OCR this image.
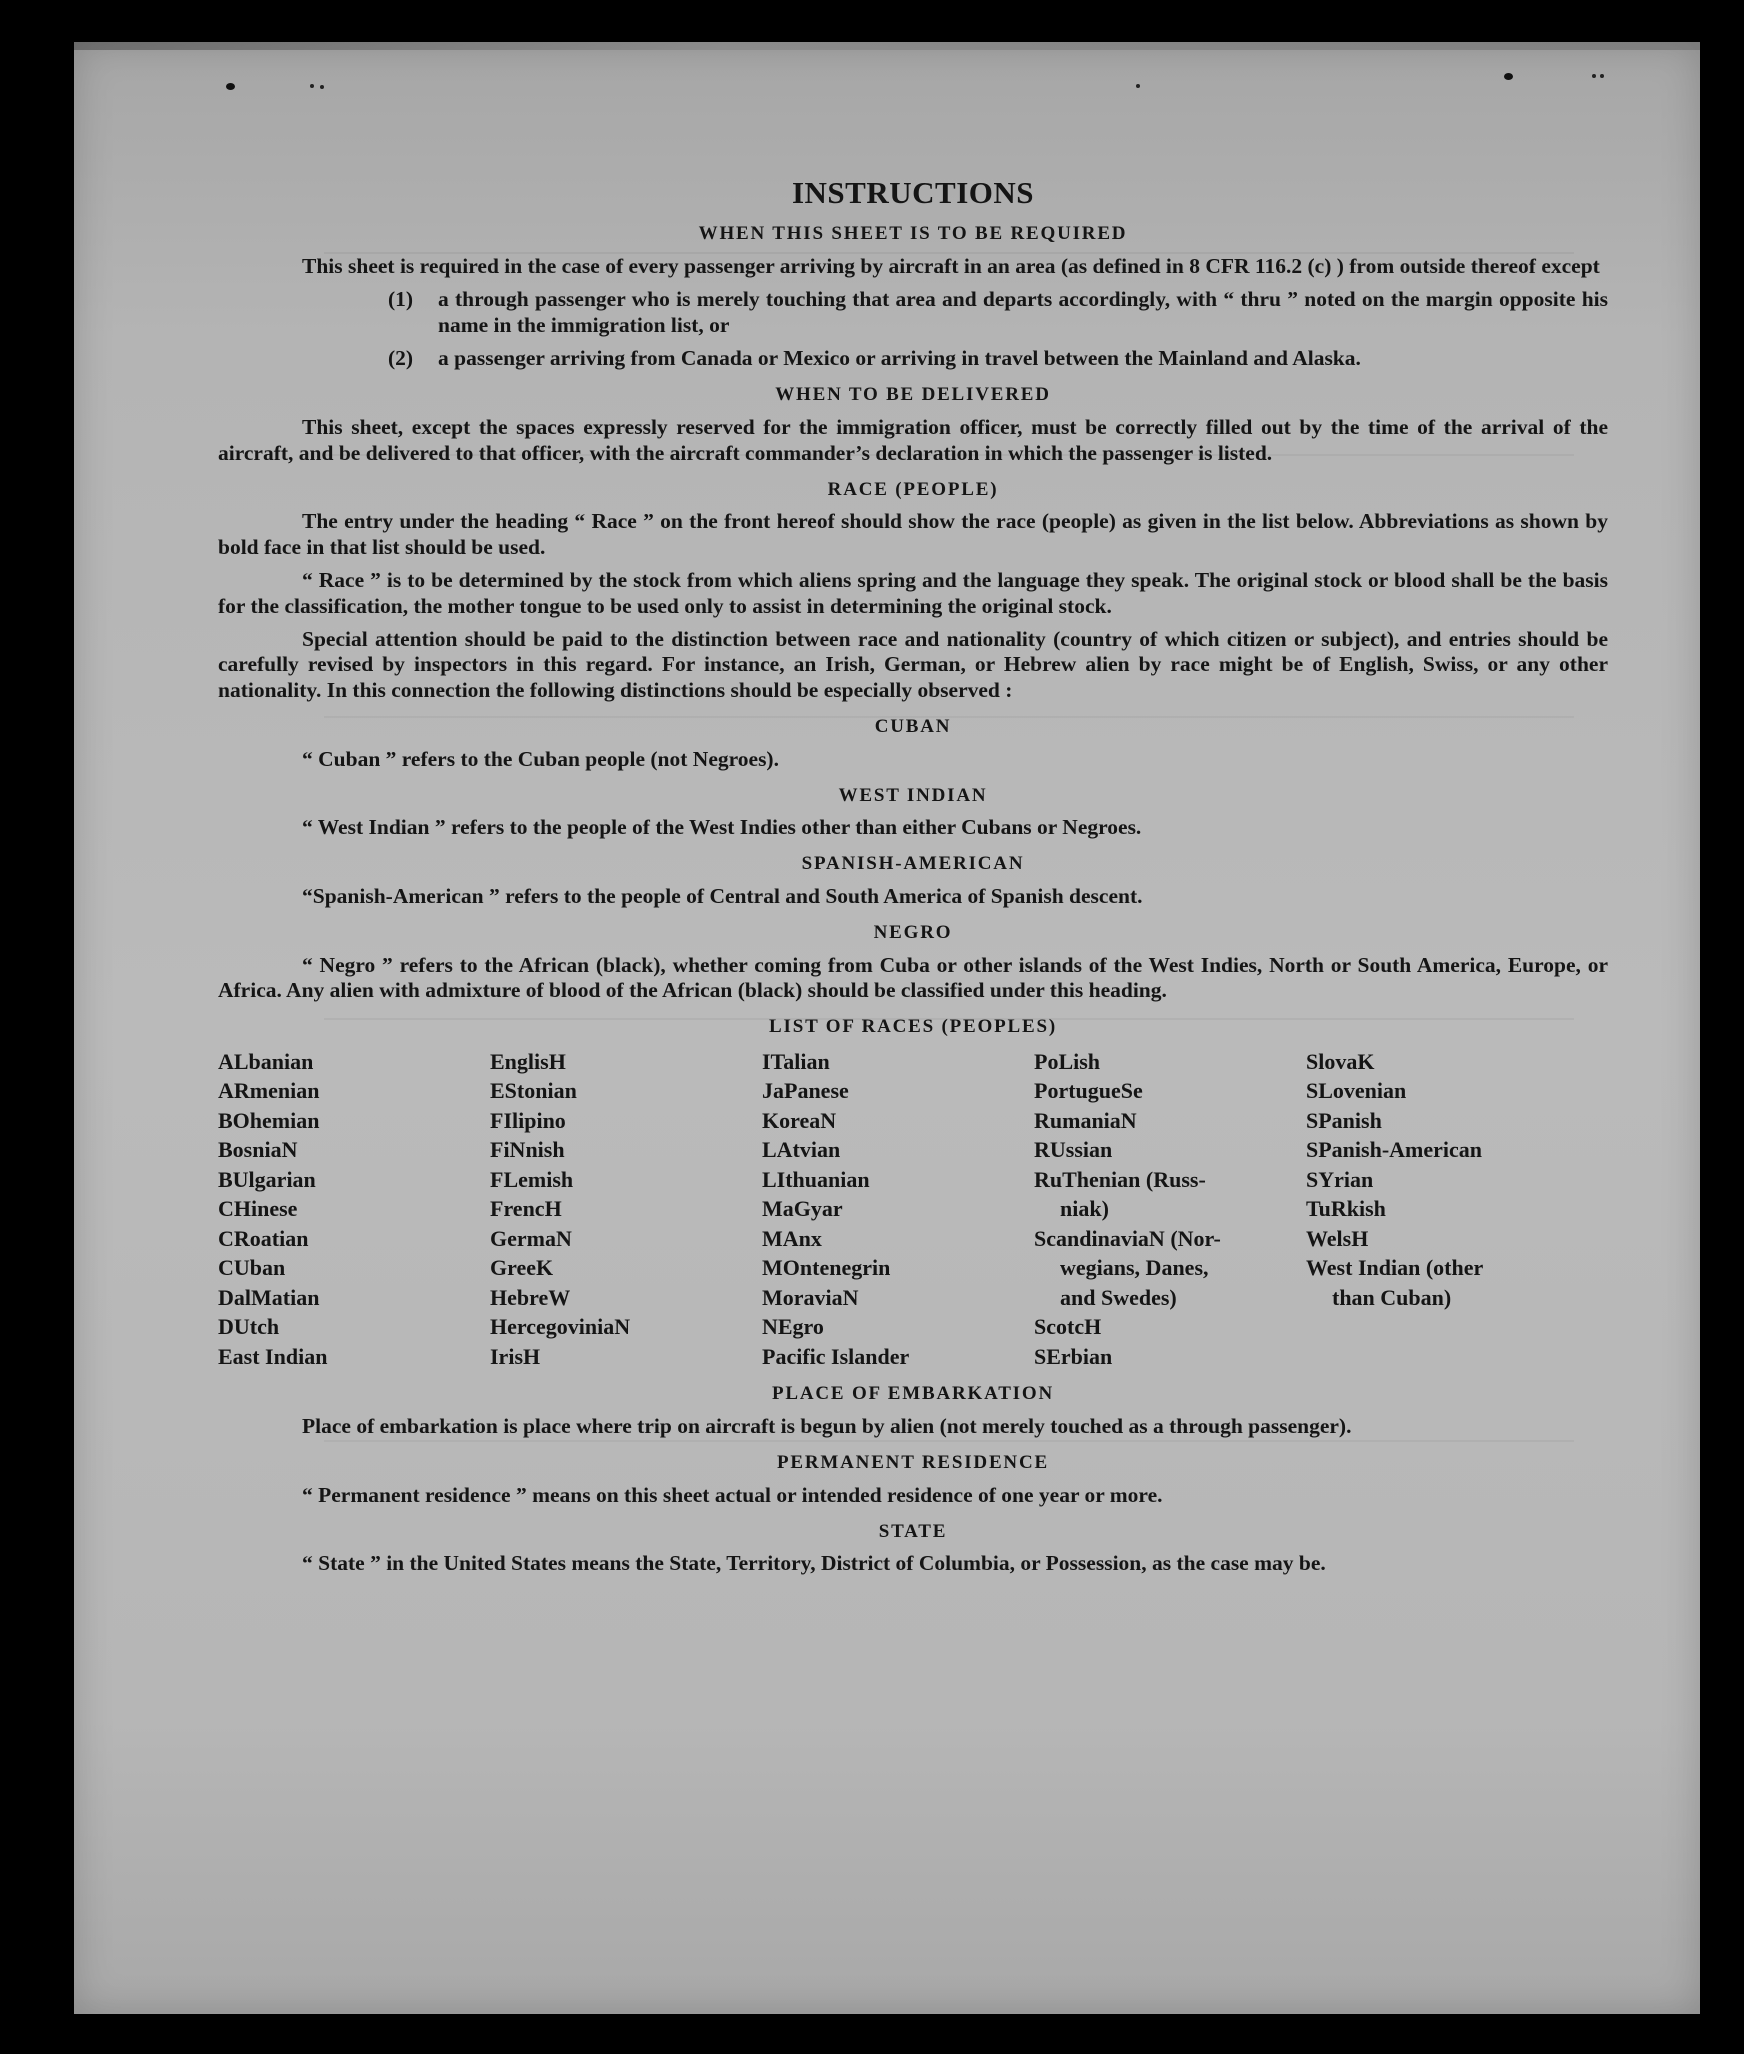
INSTRUCTIONS
WHEN THIS SHEET IS TO BE REQUIRED
This sheet is required in the case of every passenger arriving by aircraft in an area (as defined in 8 CFR 116.2 (c) ) from outside thereof except
(1)	a through passenger who is merely touching that area and departs accordingly, with “ thru ” noted on the margin opposite his name in the immigration list, or
(2)	a passenger arriving from Canada or Mexico or arriving in travel between the Mainland and Alaska.
WHEN TO BE DELIVERED
This sheet, except the spaces expressly reserved for the immigration officer, must be correctly filled out by the time of the arrival of the aircraft, and be delivered to that officer, with the aircraft commander’s declaration in which the passenger is listed.
RACE (PEOPLE)
The entry under the heading “ Race ” on the front hereof should show the race (people) as given in the list below. Abbreviations as shown by bold face in that list should be used.
“ Race ” is to be determined by the stock from which aliens spring and the language they speak. The original stock or blood shall be the basis for the classification, the mother tongue to be used only to assist in determining the original stock.
Special attention should be paid to the distinction between race and nationality (country of which citizen or subject), and entries should be carefully revised by inspectors in this regard. For instance, an Irish, German, or Hebrew alien by race might be of English, Swiss, or any other nationality. In this connection the following distinctions should be especially observed :
CUBAN
“ Cuban ” refers to the Cuban people (not Negroes).
WEST INDIAN
“ West Indian ” refers to the people of the West Indies other than either Cubans or Negroes.
SPANISH-AMERICAN
“Spanish-American ” refers to the people of Central and South America of Spanish descent.
NEGRO
“ Negro ” refers to the African (black), whether coming from Cuba or other islands of the West Indies, North or South America, Europe, or Africa. Any alien with admixture of blood of the African (black) should be classified under this heading.
LIST OF RACES (PEOPLES)
ALbanian
ARmenian
BOhemian
BosniaN
BUlgarian
CHinese
CRoatian
CUban
DalMatian
DUtch
East Indian
EnglisH
EStonian
FIlipino
FiNnish
FLemish
FrencH
GermaN
GreeK
HebreW
HercegoviniaN
IrisH
ITalian
JaPanese
KoreaN
LAtvian
LIthuanian
MaGyar
MAnx
MOntenegrin
MoraviaN
NEgro
Pacific Islander
PoLish
PortugueSe
RumaniaN
RUssian
RuThenian (Russ-
niak)
ScandinaviaN (Nor-
wegians, Danes,
and Swedes)
ScotcH
SErbian
SlovaK
SLovenian
SPanish
SPanish-American
SYrian
TuRkish
WelsH
West Indian (other
than Cuban)
PLACE OF EMBARKATION
Place of embarkation is place where trip on aircraft is begun by alien (not merely touched as a through passenger).
PERMANENT RESIDENCE
“ Permanent residence ” means on this sheet actual or intended residence of one year or more.
STATE
“ State ” in the United States means the State, Territory, District of Columbia, or Possession, as the case may be.
